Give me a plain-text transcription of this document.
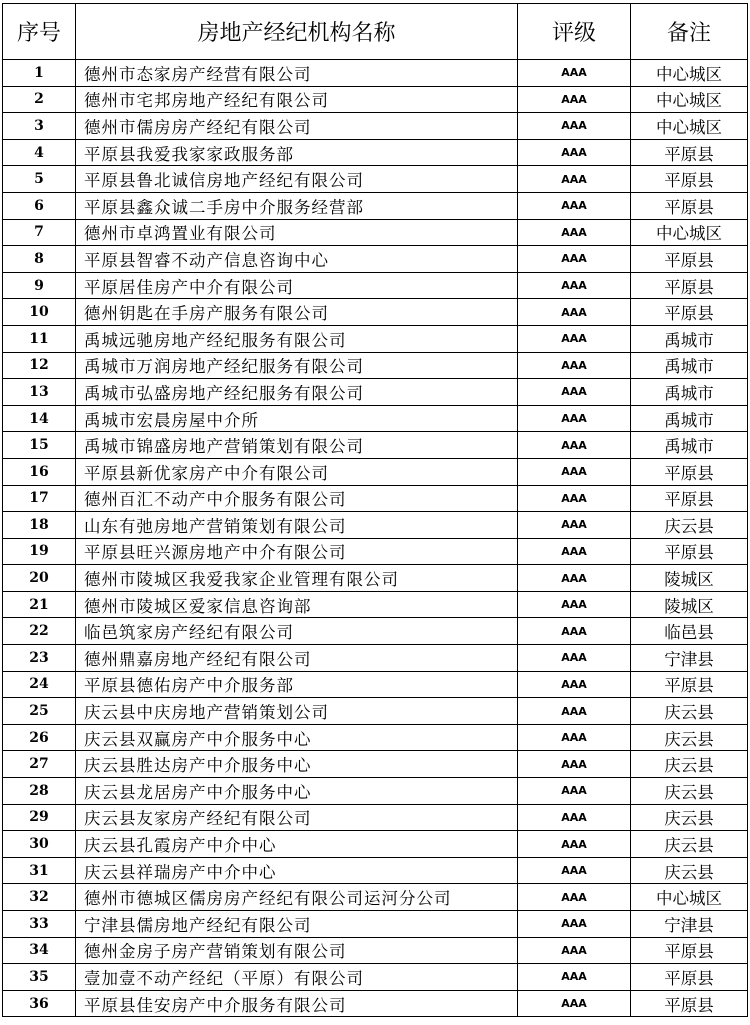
序号	房地产经纪机构名称	评级	备注
1	德州市态家房产经营有限公司	AAA	中心城区
2	德州市宅邦房地产经纪有限公司	AAA	中心城区
3	德州市儒房房产经纪有限公司	AAA	中心城区
4	平原县我爱我家家政服务部	AAA	平原县
5	平原县鲁北诚信房地产经纪有限公司	AAA	平原县
6	平原县鑫众诚二手房中介服务经营部	AAA	平原县
7	德州市卓鸿置业有限公司	AAA	中心城区
8	平原县智睿不动产信息咨询中心	AAA	平原县
9	平原居佳房产中介有限公司	AAA	平原县
10	德州钥匙在手房产服务有限公司	AAA	平原县
11	禹城远驰房地产经纪服务有限公司	AAA	禹城市
12	禹城市万润房地产经纪服务有限公司	AAA	禹城市
13	禹城市弘盛房地产经纪服务有限公司	AAA	禹城市
14	禹城市宏晨房屋中介所	AAA	禹城市
15	禹城市锦盛房地产营销策划有限公司	AAA	禹城市
16	平原县新优家房产中介有限公司	AAA	平原县
17	德州百汇不动产中介服务有限公司	AAA	平原县
18	山东有弛房地产营销策划有限公司	AAA	庆云县
19	平原县旺兴源房地产中介有限公司	AAA	平原县
20	德州市陵城区我爱我家企业管理有限公司	AAA	陵城区
21	德州市陵城区爱家信息咨询部	AAA	陵城区
22	临邑筑家房产经纪有限公司	AAA	临邑县
23	德州鼎嘉房地产经纪有限公司	AAA	宁津县
24	平原县德佑房产中介服务部	AAA	平原县
25	庆云县中庆房地产营销策划公司	AAA	庆云县
26	庆云县双赢房产中介服务中心	AAA	庆云县
27	庆云县胜达房产中介服务中心	AAA	庆云县
28	庆云县龙居房产中介服务中心	AAA	庆云县
29	庆云县友家房产经纪有限公司	AAA	庆云县
30	庆云县孔霞房产中介中心	AAA	庆云县
31	庆云县祥瑞房产中介中心	AAA	庆云县
32	德州市德城区儒房房产经纪有限公司运河分公司	AAA	中心城区
33	宁津县儒房地产经纪有限公司	AAA	宁津县
34	德州金房子房产营销策划有限公司	AAA	平原县
35	壹加壹不动产经纪（平原）有限公司	AAA	平原县
36	平原县佳安房产中介服务有限公司	AAA	平原县
